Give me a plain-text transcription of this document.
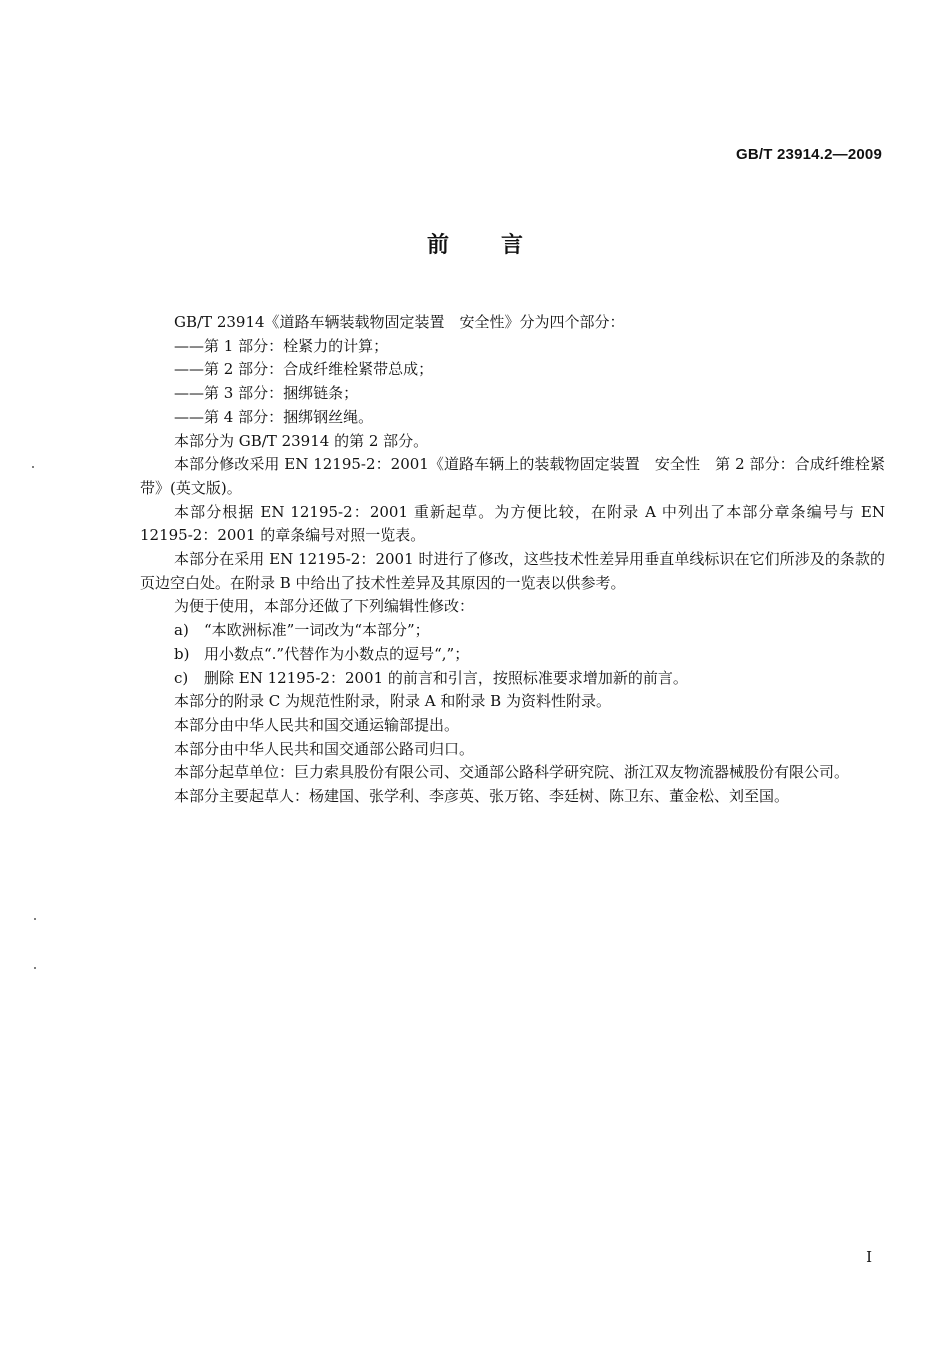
GB/T 23914.2—2009
前言

GB/T 23914《道路车辆装载物固定装置　安全性》分为四个部分：

——第 1 部分：栓紧力的计算；

——第 2 部分：合成纤维栓紧带总成；

——第 3 部分：捆绑链条；

——第 4 部分：捆绑钢丝绳。

本部分为 GB/T 23914 的第 2 部分。

本部分修改采用 EN 12195-2：2001《道路车辆上的装载物固定装置　安全性　第 2 部分：合成纤维栓紧带》(英文版)。

本部分根据 EN 12195-2：2001 重新起草。为方便比较，在附录 A 中列出了本部分章条编号与 EN 12195-2：2001 的章条编号对照一览表。

本部分在采用 EN 12195-2：2001 时进行了修改，这些技术性差异用垂直单线标识在它们所涉及的条款的页边空白处。在附录 B 中给出了技术性差异及其原因的一览表以供参考。

为便于使用，本部分还做了下列编辑性修改：

a) “本欧洲标准”一词改为“本部分”；

b) 用小数点“.”代替作为小数点的逗号“,”；

c) 删除 EN 12195-2：2001 的前言和引言，按照标准要求增加新的前言。

本部分的附录 C 为规范性附录，附录 A 和附录 B 为资料性附录。

本部分由中华人民共和国交通运输部提出。

本部分由中华人民共和国交通部公路司归口。

本部分起草单位：巨力索具股份有限公司、交通部公路科学研究院、浙江双友物流器械股份有限公司。

本部分主要起草人：杨建国、张学利、李彦英、张万铭、李廷树、陈卫东、董金松、刘至国。

I
